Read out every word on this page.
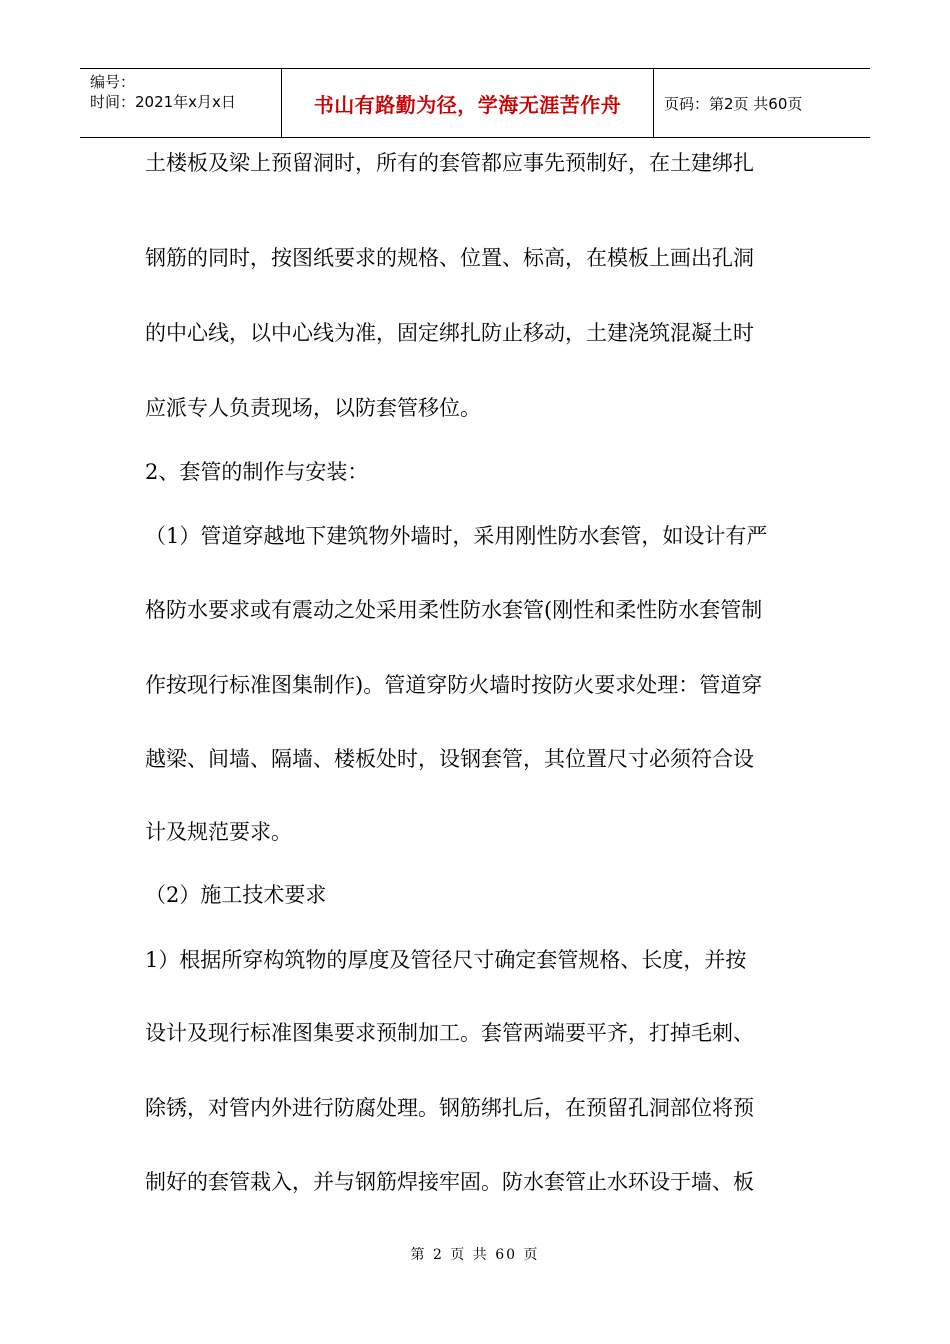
编号：
时间：2021年x月x日	书山有路勤为径，学海无涯苦作舟	页码：第2页 共60页
土楼板及梁上预留洞时，所有的套管都应事先预制好，在土建绑扎
钢筋的同时，按图纸要求的规格、位置、标高，在模板上画出孔洞
的中心线，以中心线为准，固定绑扎防止移动，土建浇筑混凝土时
应派专人负责现场，以防套管移位。
2、套管的制作与安装：
（1）管道穿越地下建筑物外墙时，采用刚性防水套管，如设计有严
格防水要求或有震动之处采用柔性防水套管(刚性和柔性防水套管制
作按现行标准图集制作)。管道穿防火墙时按防火要求处理：管道穿
越梁、间墙、隔墙、楼板处时，设钢套管，其位置尺寸必须符合设
计及规范要求。
（2）施工技术要求
1）根据所穿构筑物的厚度及管径尺寸确定套管规格、长度，并按
设计及现行标准图集要求预制加工。套管两端要平齐，打掉毛刺、
除锈，对管内外进行防腐处理。钢筋绑扎后，在预留孔洞部位将预
制好的套管栽入，并与钢筋焊接牢固。防水套管止水环设于墙、板
第 2 页 共 60 页
